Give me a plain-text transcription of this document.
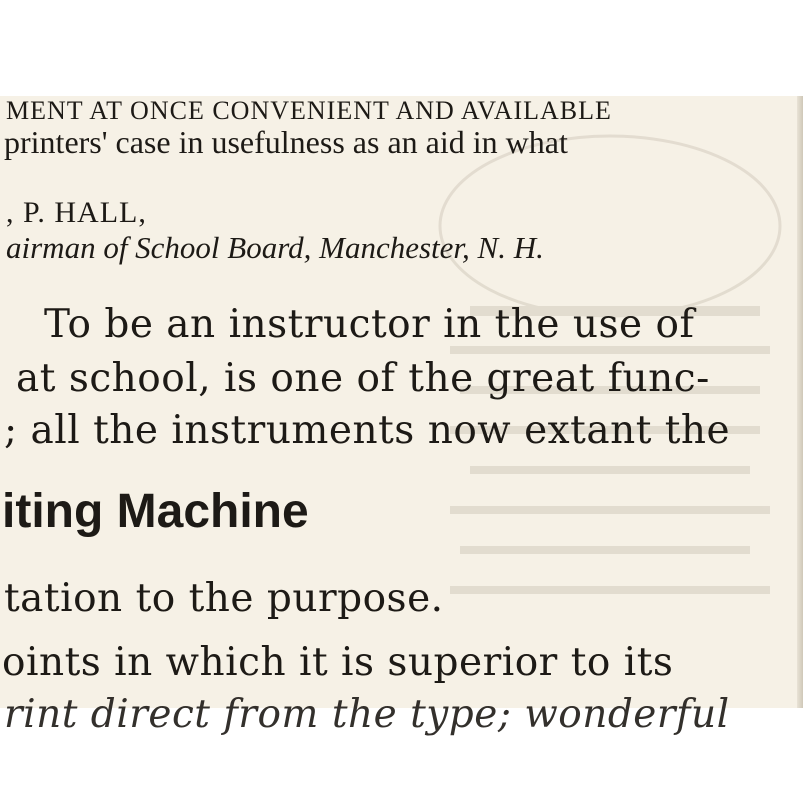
MENT AT ONCE CONVENIENT AND AVAILABLE
printers' case in usefulness as an aid in what
, P. HALL,
airman of School Board, Manchester, N. H.
To be an instructor in the use of
at school, is one of the great func-
; all the instruments now extant the
iting Machine
tation to the purpose.
oints in which it is superior to its
rint direct from the type; wonderful
